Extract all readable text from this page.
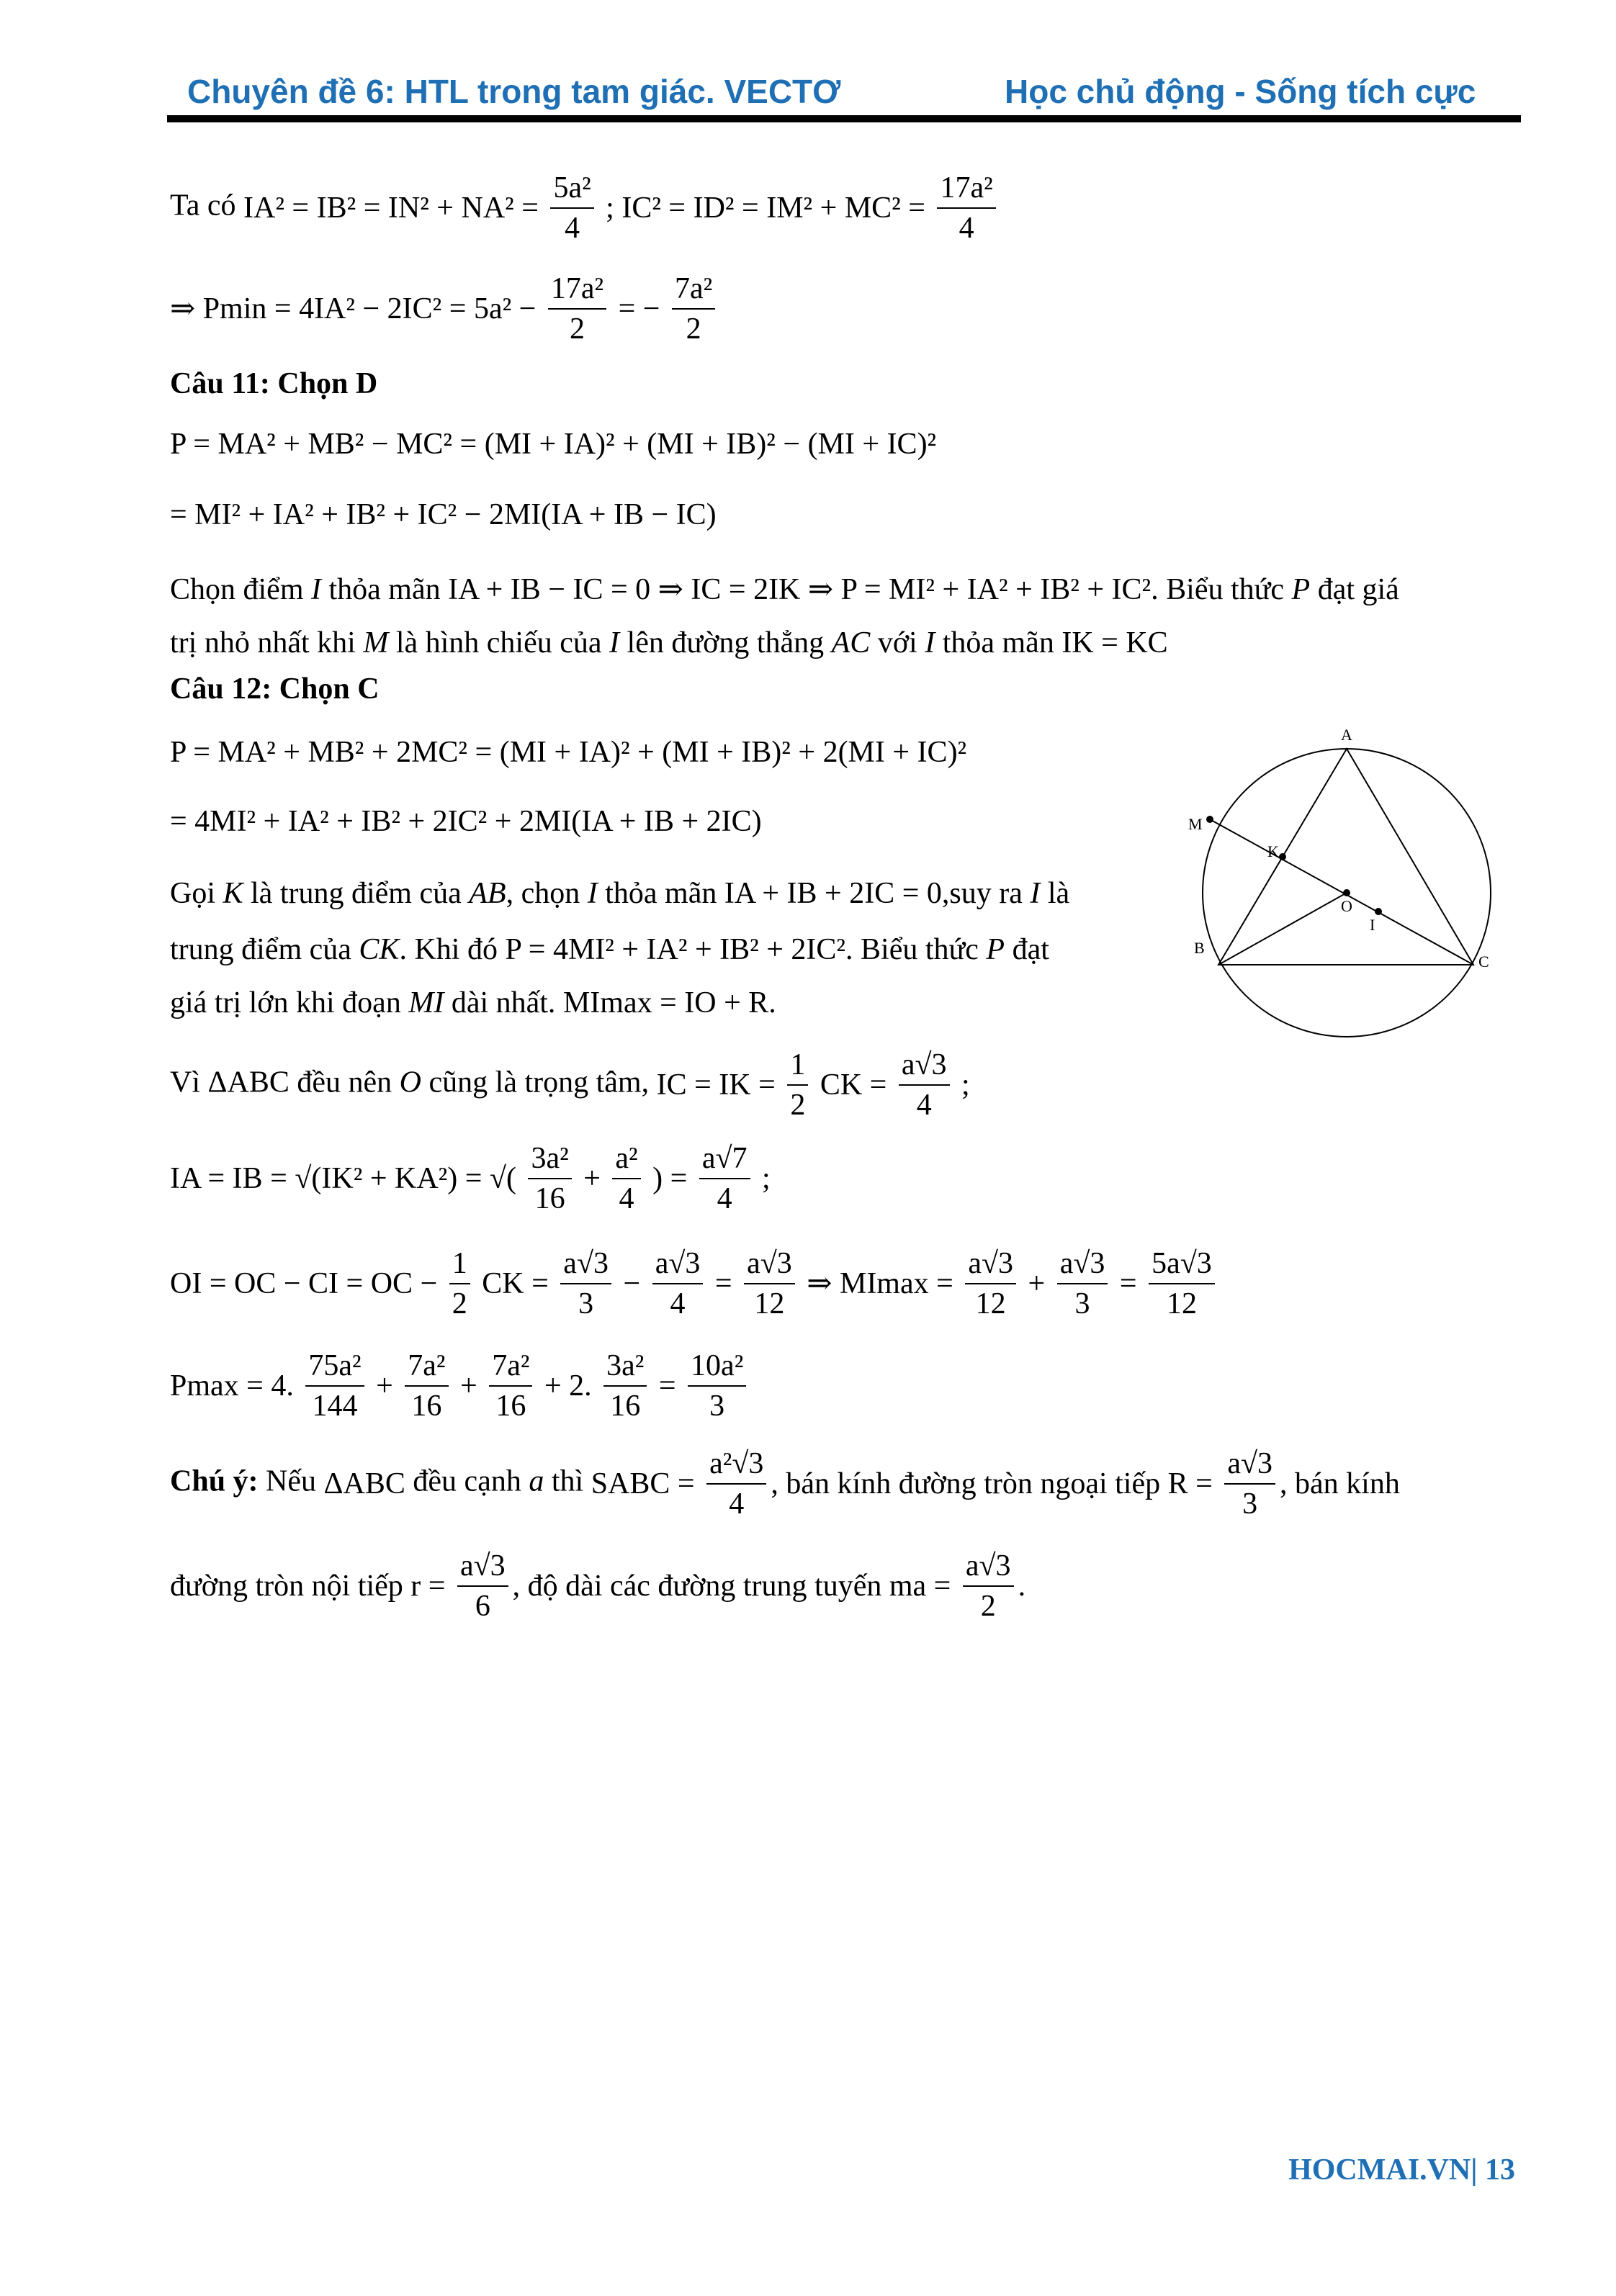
Chuyên đề 6: HTL trong tam giác. VECTƠ	Học chủ động - Sống tích cực
Ta có $IA^2 = IB^2 = IN^2 + NA^2 = \frac{\text{5a²}}{4}$ ; $IC^2 = ID^2 = IM^2 + MC^2 = \frac{\text{17a²}}{4}$
⇒ $Pmin = 4IA^2 - 2IC^2 = 5a^2 - \frac{\text{17a²}}{2}$ = − $\frac{\text{7a²}}{2}$
Câu 11: Chọn D
P = MA² + MB² − MC² = (MI + IA)² + (MI + IB)² − (MI + IC)²
= MI² + IA² + IB² + IC² − 2MI(IA + IB − IC)
Chọn điểm I thỏa mãn IA + IB − IC = 0 ⇒ IC = 2IK ⇒ P = MI² + IA² + IB² + IC². Biểu thức P đạt giá
trị nhỏ nhất khi M là hình chiếu của I lên đường thẳng AC với I thỏa mãn IK = KC
Câu 12: Chọn C
P = MA² + MB² + 2MC² = (MI + IA)² + (MI + IB)² + 2(MI + IC)²
= 4MI² + IA² + IB² + 2IC² + 2MI(IA + IB + 2IC)
Gọi K là trung điểm của AB, chọn I thỏa mãn IA + IB + 2IC = 0,suy ra I là
trung điểm của CK. Khi đó P = 4MI² + IA² + IB² + 2IC². Biểu thức P đạt
giá trị lớn khi đoạn MI dài nhất. MImax = IO + R.
Vì ΔABC đều nên O cũng là trọng tâm, IC = IK = $\frac{1}{2}$ CK = $\frac{a√3}{4}$ ;
IA = IB = √(IK² + KA²) = √( $\frac{\text{3a²}}{16} + \frac{\text{a²}}{4}$ ) = $\frac{a√7}{4}$ ;
OI = OC − CI = OC − $\frac{1}{2}$ CK = $\frac{a√3}{3} - \frac{a√3}{4} = \frac{a√3}{12}$ ⇒ $MImax = \frac{a√3}{12} + \frac{a√3}{3} = \frac{5a√3}{12}$
Pmax = 4. $\frac{\text{75a²}}{144} + \frac{\text{7a²}}{16} + \frac{\text{7a²}}{16} + 2$. $\frac{\text{3a²}}{16} = \frac{\text{10a²}}{3}$
Chú ý: Nếu ΔABC đều cạnh a thì SABC = $\frac{\text{a²√3}}{4}$ , bán kính đường tròn ngoại tiếp $R = \frac{a√3}{3}$ , bán kính
đường tròn nội tiếp $r = \frac{a√3}{6}$ , độ dài các đường trung tuyến ma = $\frac{a√3}{2}$ .
A
B
C
M
K
O
I
HOCMAI.VN| 13
